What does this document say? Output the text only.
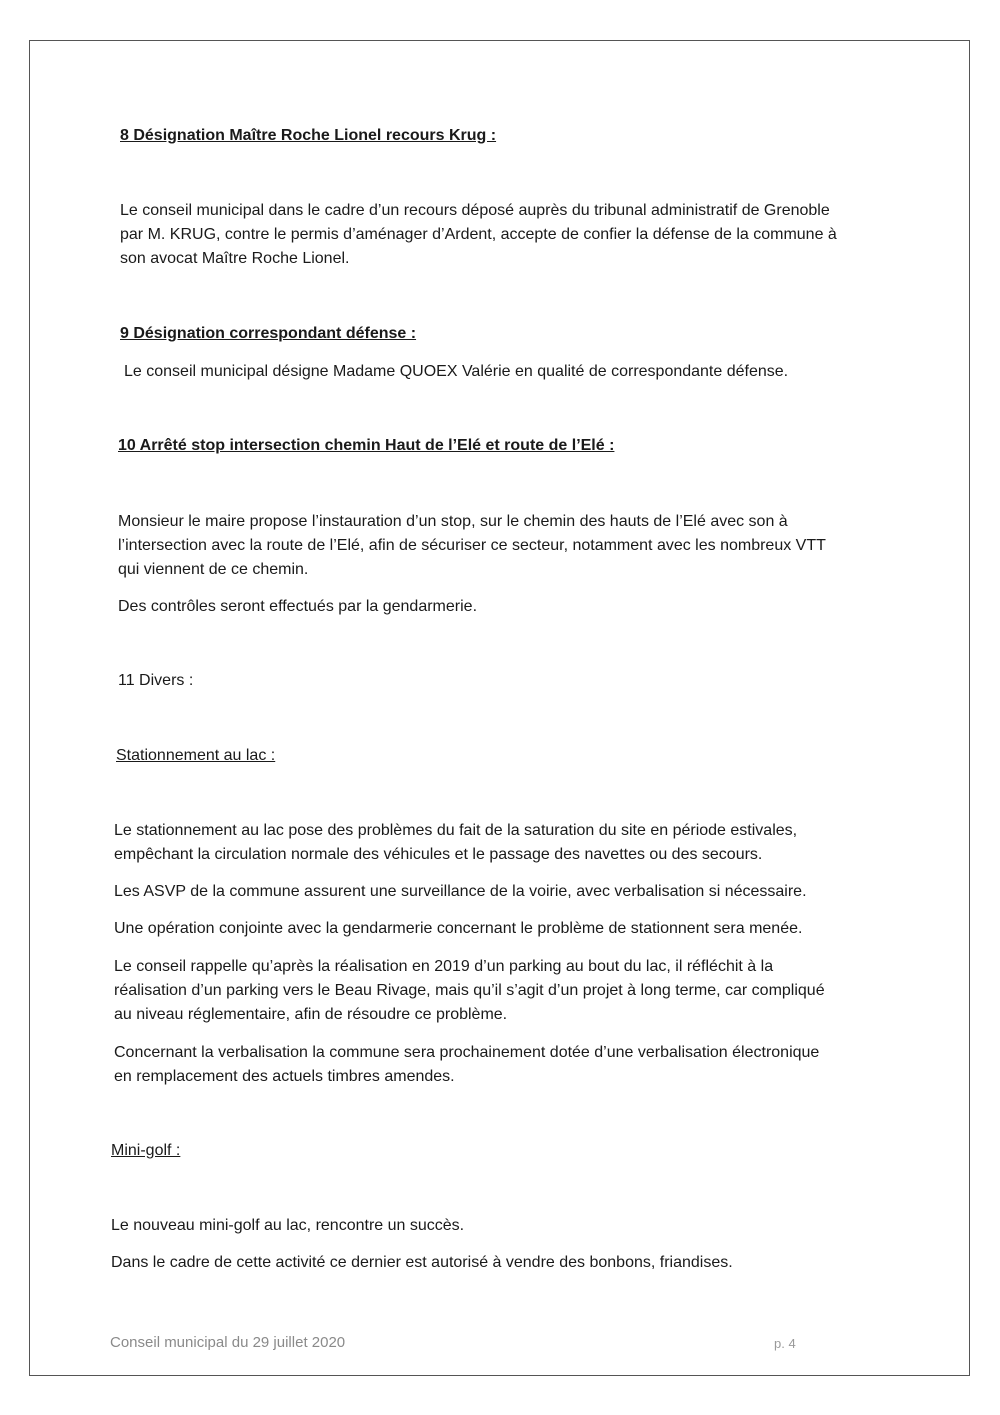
8 Désignation Maître Roche Lionel recours Krug :

Le conseil municipal dans le cadre d’un recours déposé auprès du tribunal administratif de Grenoble

par M. KRUG, contre le permis d’aménager d’Ardent, accepte de confier la défense de la commune à

son avocat Maître Roche Lionel.

9 Désignation correspondant défense :

Le conseil municipal désigne Madame QUOEX Valérie en qualité de correspondante défense.

10 Arrêté stop intersection chemin Haut de l’Elé et route de l’Elé :

Monsieur le maire propose l’instauration d’un stop, sur le chemin des hauts de l’Elé avec son à

l’intersection avec la route de l’Elé, afin de sécuriser ce secteur, notamment avec les nombreux VTT

qui viennent de ce chemin.

Des contrôles seront effectués par la gendarmerie.

11 Divers :

Stationnement au lac :

Le stationnement au lac pose des problèmes du fait de la saturation du site en période estivales,

empêchant la circulation normale des véhicules et le passage des navettes ou des secours.

Les ASVP de la commune assurent une surveillance de la voirie, avec verbalisation si nécessaire.

Une opération conjointe avec la gendarmerie concernant le problème de stationnent sera menée.

Le conseil rappelle qu’après la réalisation en 2019 d’un parking au bout du lac, il réfléchit à la

réalisation d’un parking vers le Beau Rivage, mais qu’il s’agit d’un projet à long terme, car compliqué

au niveau réglementaire, afin de résoudre ce problème.

Concernant la verbalisation la commune sera prochainement dotée d’une verbalisation électronique

en remplacement des actuels timbres amendes.

Mini-golf :

Le nouveau mini-golf au lac, rencontre un succès.

Dans le cadre de cette activité ce dernier est autorisé à vendre des bonbons, friandises.

Conseil municipal du 29 juillet 2020	p. 4
